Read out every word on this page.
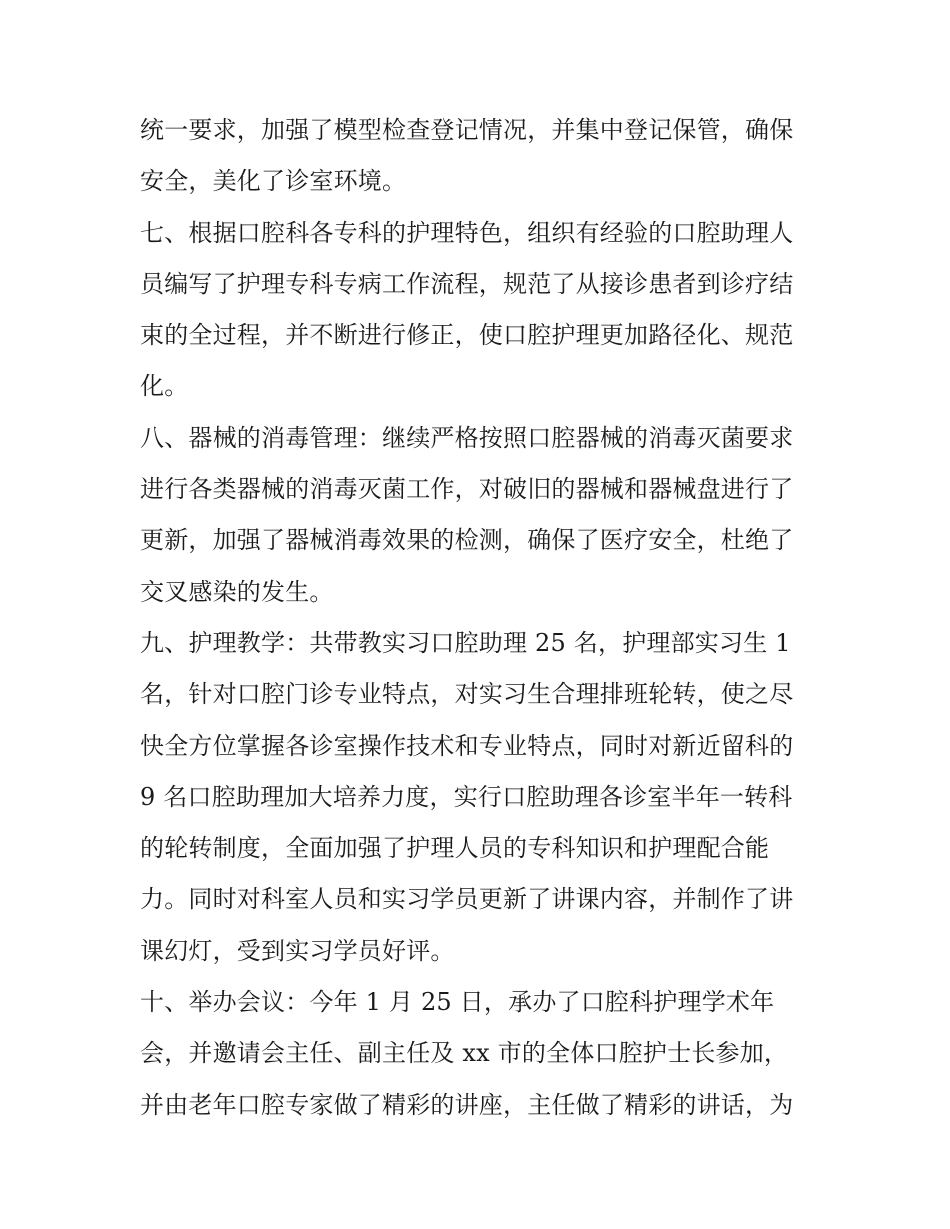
统一要求，加强了模型检查登记情况，并集中登记保管，确保
安全，美化了诊室环境。
七、根据口腔科各专科的护理特色，组织有经验的口腔助理人
员编写了护理专科专病工作流程，规范了从接诊患者到诊疗结
束的全过程，并不断进行修正，使口腔护理更加路径化、规范
化。
八、器械的消毒管理：继续严格按照口腔器械的消毒灭菌要求
进行各类器械的消毒灭菌工作，对破旧的器械和器械盘进行了
更新，加强了器械消毒效果的检测，确保了医疗安全，杜绝了
交叉感染的发生。
九、护理教学：共带教实习口腔助理 25 名，护理部实习生 1
名，针对口腔门诊专业特点，对实习生合理排班轮转，使之尽
快全方位掌握各诊室操作技术和专业特点，同时对新近留科的
9 名口腔助理加大培养力度，实行口腔助理各诊室半年一转科
的轮转制度，全面加强了护理人员的专科知识和护理配合能
力。同时对科室人员和实习学员更新了讲课内容，并制作了讲
课幻灯，受到实习学员好评。
十、举办会议：今年 1 月 25 日，承办了口腔科护理学术年
会，并邀请会主任、副主任及 xx 市的全体口腔护士长参加，
并由老年口腔专家做了精彩的讲座，主任做了精彩的讲话，为
